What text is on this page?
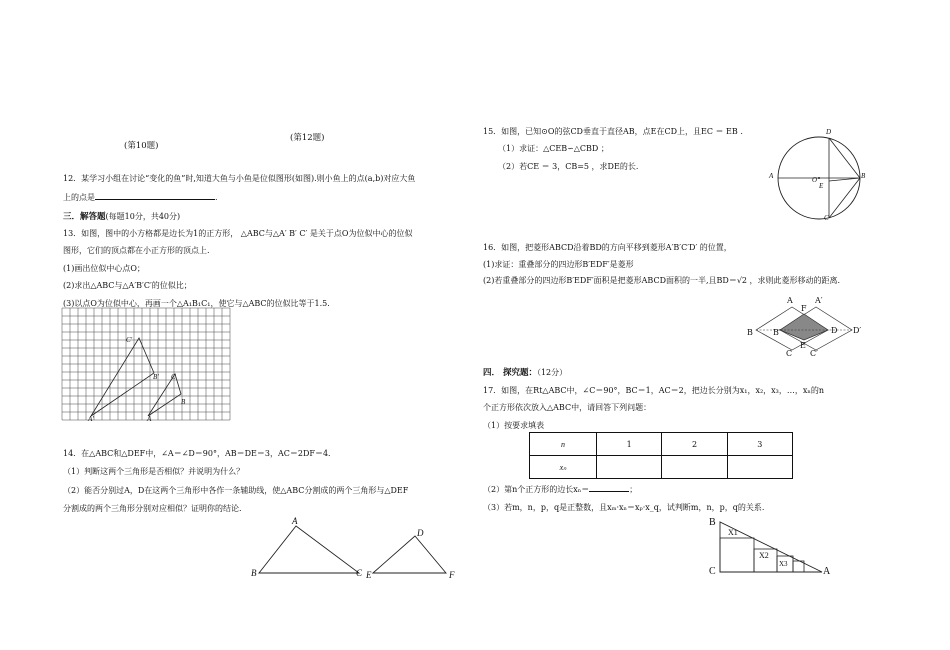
(第10题)
(第12题)
12．某学习小组在讨论“变化的鱼”时,知道大鱼与小鱼是位似图形(如图).则小鱼上的点(a,b)对应大鱼
上的点是	.
三．解答题(每题10分，共40分)
13．如图，图中的小方格都是边长为1的正方形， △ABC与△A′ B′ C′ 是关于点O为位似中心的位似
图形，它们的顶点都在小正方形的顶点上.
(1)画出位似中心点O；
(2)求出△ABC与△A′B′C′的位似比；
(3)以点O为位似中心，再画一个△A₁B₁C₁，使它与△ABC的位似比等于1.5.
A'
B'
C'
A
B
C
14．在△ABC和△DEF中，∠A＝∠D＝90°，AB＝DE＝3，AC＝2DF＝4．
（1）判断这两个三角形是否相似？并说明为什么？
（2）能否分别过A，D在这两个三角形中各作一条辅助线，使△ABC分割成的两个三角形与△DEF
分割成的两个三角形分别对应相似？证明你的结论.
A
B	C
D
E	F
15．如图，已知⊙O的弦CD垂直于直径AB，点E在CD上，且EC ＝ EB .
（1）求证：△CEB∽△CBD ；
（2）若CE ＝ 3，CB=5 ，求DE的长.
A	B
C
D
E
O
16．如图，把菱形ABCD沿着BD的方向平移到菱形A′B′C′D′ 的位置，
(1)求证：重叠部分的四边形B′EDF′是菱形
(2)若重叠部分的四边形B′EDF′面积是把菱形ABCD面积的一半,且BD＝√2 ，求则此菱形移动的距离.
A
F
A′
B	B′	D D′
C
E
C′
四． 探究题：（12分）
17．如图，在Rt△ABC中，∠C＝90°，BC＝1，AC＝2，把边长分别为x₁，x₂，x₃，…，xₙ的n
个正方形依次放入△ABC中，请回答下列问题：
（1）按要求填表
n	1	2	3
xₙ			
（2）第n个正方形的边长xₙ＝	；
（3）若m，n，p，q是正整数，且xₘ·xₙ＝xₚ·x_q，试判断m，n，p，q的关系.
B
C	A
X1
X2
X3
